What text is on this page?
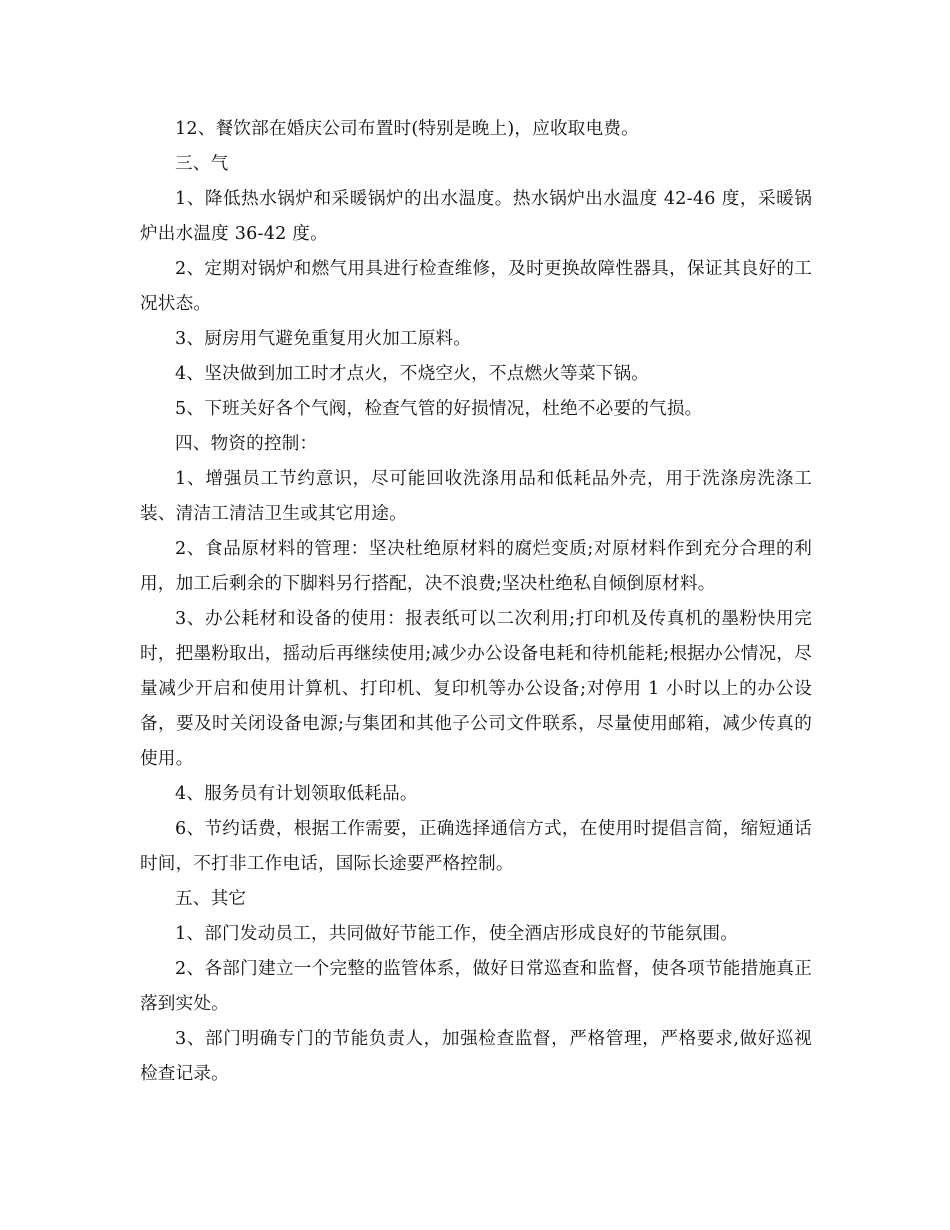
12、餐饮部在婚庆公司布置时(特别是晚上)，应收取电费。

三、气

1、降低热水锅炉和采暖锅炉的出水温度。热水锅炉出水温度 42-46 度，采暖锅炉出水温度 36-42 度。

2、定期对锅炉和燃气用具进行检查维修，及时更换故障性器具，保证其良好的工况状态。

3、厨房用气避免重复用火加工原料。

4、坚决做到加工时才点火，不烧空火，不点燃火等菜下锅。

5、下班关好各个气阀，检查气管的好损情况，杜绝不必要的气损。

四、物资的控制：

1、增强员工节约意识，尽可能回收洗涤用品和低耗品外壳，用于洗涤房洗涤工装、清洁工清洁卫生或其它用途。

2、食品原材料的管理：坚决杜绝原材料的腐烂变质;对原材料作到充分合理的利用，加工后剩余的下脚料另行搭配，决不浪费;坚决杜绝私自倾倒原材料。

3、办公耗材和设备的使用：报表纸可以二次利用;打印机及传真机的墨粉快用完时，把墨粉取出，摇动后再继续使用;减少办公设备电耗和待机能耗;根据办公情况，尽量减少开启和使用计算机、打印机、复印机等办公设备;对停用 1 小时以上的办公设备，要及时关闭设备电源;与集团和其他子公司文件联系，尽量使用邮箱，减少传真的使用。

4、服务员有计划领取低耗品。

6、节约话费，根据工作需要，正确选择通信方式，在使用时提倡言简，缩短通话时间，不打非工作电话，国际长途要严格控制。

五、其它

1、部门发动员工，共同做好节能工作，使全酒店形成良好的节能氛围。

2、各部门建立一个完整的监管体系，做好日常巡查和监督，使各项节能措施真正落到实处。

3、部门明确专门的节能负责人，加强检查监督，严格管理，严格要求,做好巡视检查记录。
